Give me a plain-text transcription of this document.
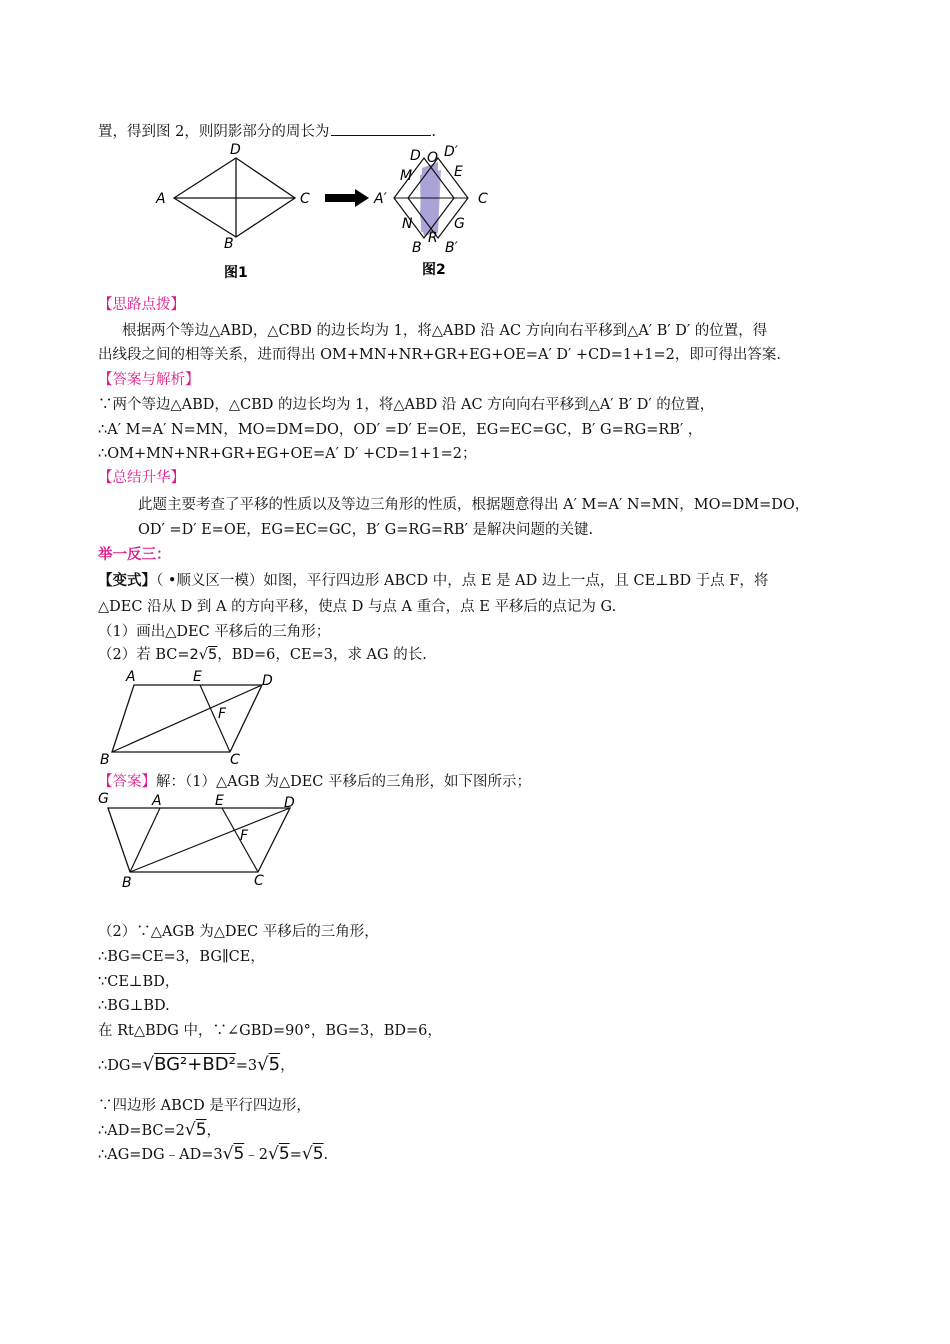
置，得到图 2，则阴影部分的周长为	.
D
A	C
B
图1
D O D′
M	E
A′	C
N	G
R
B B′
图2
【思路点拨】
根据两个等边△ABD，△CBD 的边长均为 1，将△ABD 沿 AC 方向向右平移到△A′ B′ D′ 的位置，得
出线段之间的相等关系，进而得出 OM+MN+NR+GR+EG+OE=A′ D′ +CD=1+1=2，即可得出答案.
【答案与解析】
∵两个等边△ABD，△CBD 的边长均为 1，将△ABD 沿 AC 方向向右平移到△A′ B′ D′ 的位置，
∴A′ M=A′ N=MN，MO=DM=DO，OD′ =D′ E=OE，EG=EC=GC，B′ G=RG=RB′ ，
∴OM+MN+NR+GR+EG+OE=A′ D′ +CD=1+1=2；
【总结升华】
此题主要考查了平移的性质以及等边三角形的性质，根据题意得出 A′ M=A′ N=MN，MO=DM=DO，
OD′ =D′ E=OE，EG=EC=GC，B′ G=RG=RB′ 是解决问题的关键.
举一反三：
【变式】（ •顺义区一模）如图，平行四边形 ABCD 中，点 E 是 AD 边上一点，且 CE⊥BD 于点 F，将
△DEC 沿从 D 到 A 的方向平移，使点 D 与点 A 重合，点 E 平移后的点记为 G.
（1）画出△DEC 平移后的三角形；
（2）若 BC=2√5，BD=6，CE=3，求 AG 的长.
A	E	D
F
B	C
【答案】解：（1）△AGB 为△DEC 平移后的三角形，如下图所示；
G	A	E	D
F
B	C
（2）∵△AGB 为△DEC 平移后的三角形，
∴BG=CE=3，BG∥CE，
∵CE⊥BD，
∴BG⊥BD.
在 Rt△BDG 中，∵∠GBD=90°，BG=3，BD=6，
∴DG=√BG²+BD²=3√5，
∵四边形 ABCD 是平行四边形，
∴AD=BC=2√5，
∴AG=DG﹣AD=3√5﹣2√5=√5.
